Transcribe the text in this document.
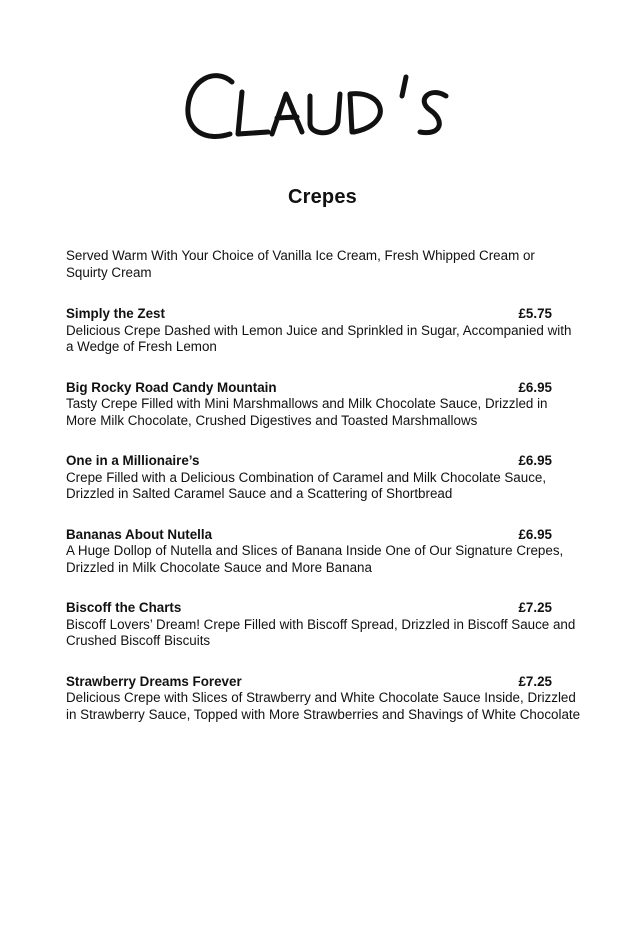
Crepes
Served Warm With Your Choice of Vanilla Ice Cream, Fresh Whipped Cream or Squirty Cream
Simply the Zest	£5.75
Delicious Crepe Dashed with Lemon Juice and Sprinkled in Sugar, Accompanied with a Wedge of Fresh Lemon
Big Rocky Road Candy Mountain	£6.95
Tasty Crepe Filled with Mini Marshmallows and Milk Chocolate Sauce, Drizzled in More Milk Chocolate, Crushed Digestives and Toasted Marshmallows
One in a Millionaire’s	£6.95
Crepe Filled with a Delicious Combination of Caramel and Milk Chocolate Sauce, Drizzled in Salted Caramel Sauce and a Scattering of Shortbread
Bananas About Nutella	£6.95
A Huge Dollop of Nutella and Slices of Banana Inside One of Our Signature Crepes, Drizzled in Milk Chocolate Sauce and More Banana
Biscoff the Charts	£7.25
Biscoff Lovers’ Dream! Crepe Filled with Biscoff Spread, Drizzled in Biscoff Sauce and Crushed Biscoff Biscuits
Strawberry Dreams Forever	£7.25
Delicious Crepe with Slices of Strawberry and White Chocolate Sauce Inside, Drizzled in Strawberry Sauce, Topped with More Strawberries and Shavings of White Chocolate
